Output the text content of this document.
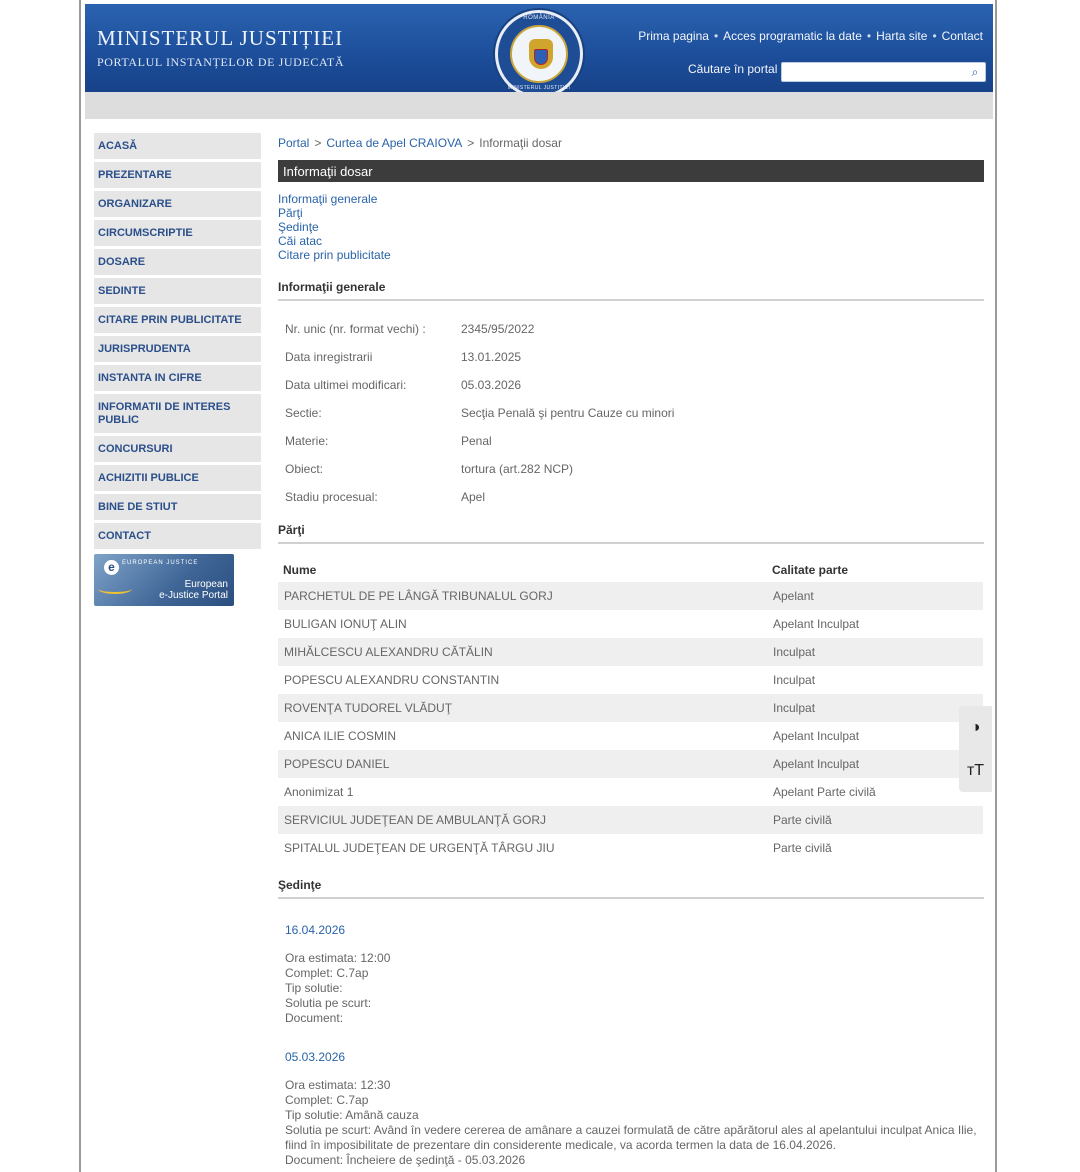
MINISTERUL JUSTIȚIEI
PORTALUL INSTANȚELOR DE JUDECATĂ
ROMÂNIA
MINISTERUL JUSTIȚIEI
Prima pagina • Acces programatic la date • Harta site • Contact
Căutare în portal	⌕
ACASĂ
PREZENTARE
ORGANIZARE
CIRCUMSCRIPTIE
DOSARE
SEDINTE
CITARE PRIN PUBLICITATE
JURISPRUDENTA
INSTANTA IN CIFRE
INFORMATII DE INTERES PUBLIC
CONCURSURI
ACHIZITII PUBLICE
BINE DE STIUT
CONTACT
e	EUROPEAN JUSTICE
European
e-Justice Portal
Portal > Curtea de Apel CRAIOVA > Informaţii dosar
Informaţii dosar
Informaţii generale
Părţi
Şedinţe
Căi atac
Citare prin publicitate
Informaţii generale
Nr. unic (nr. format vechi) :	2345/95/2022
Data inregistrarii	13.01.2025
Data ultimei modificari:	05.03.2026
Sectie:	Secţia Penală şi pentru Cauze cu minori
Materie:	Penal
Obiect:	tortura (art.282 NCP)
Stadiu procesual:	Apel
Părţi
Nume	Calitate parte
PARCHETUL DE PE LÂNGĂ TRIBUNALUL GORJ	Apelant
BULIGAN IONUŢ ALIN	Apelant Inculpat
MIHĂLCESCU ALEXANDRU CĂTĂLIN	Inculpat
POPESCU ALEXANDRU CONSTANTIN	Inculpat
ROVENŢA TUDOREL VLĂDUŢ	Inculpat
ANICA ILIE COSMIN	Apelant Inculpat
POPESCU DANIEL	Apelant Inculpat
Anonimizat 1	Apelant Parte civilă
SERVICIUL JUDEŢEAN DE AMBULANŢĂ GORJ	Parte civilă
SPITALUL JUDEŢEAN DE URGENŢĂ TÂRGU JIU	Parte civilă
Şedinţe
16.04.2026
Ora estimata: 12:00
Complet: C.7ap
Tip solutie:
Solutia pe scurt:
Document:
05.03.2026
Ora estimata: 12:30
Complet: C.7ap
Tip solutie: Amână cauza
Solutia pe scurt: Având în vedere cererea de amânare a cauzei formulată de către apărătorul ales al apelantului inculpat Anica Ilie, fiind în imposibilitate de prezentare din considerente medicale, va acorda termen la data de 16.04.2026.
Document: Încheiere de şedinţă - 05.03.2026
◑
тT
